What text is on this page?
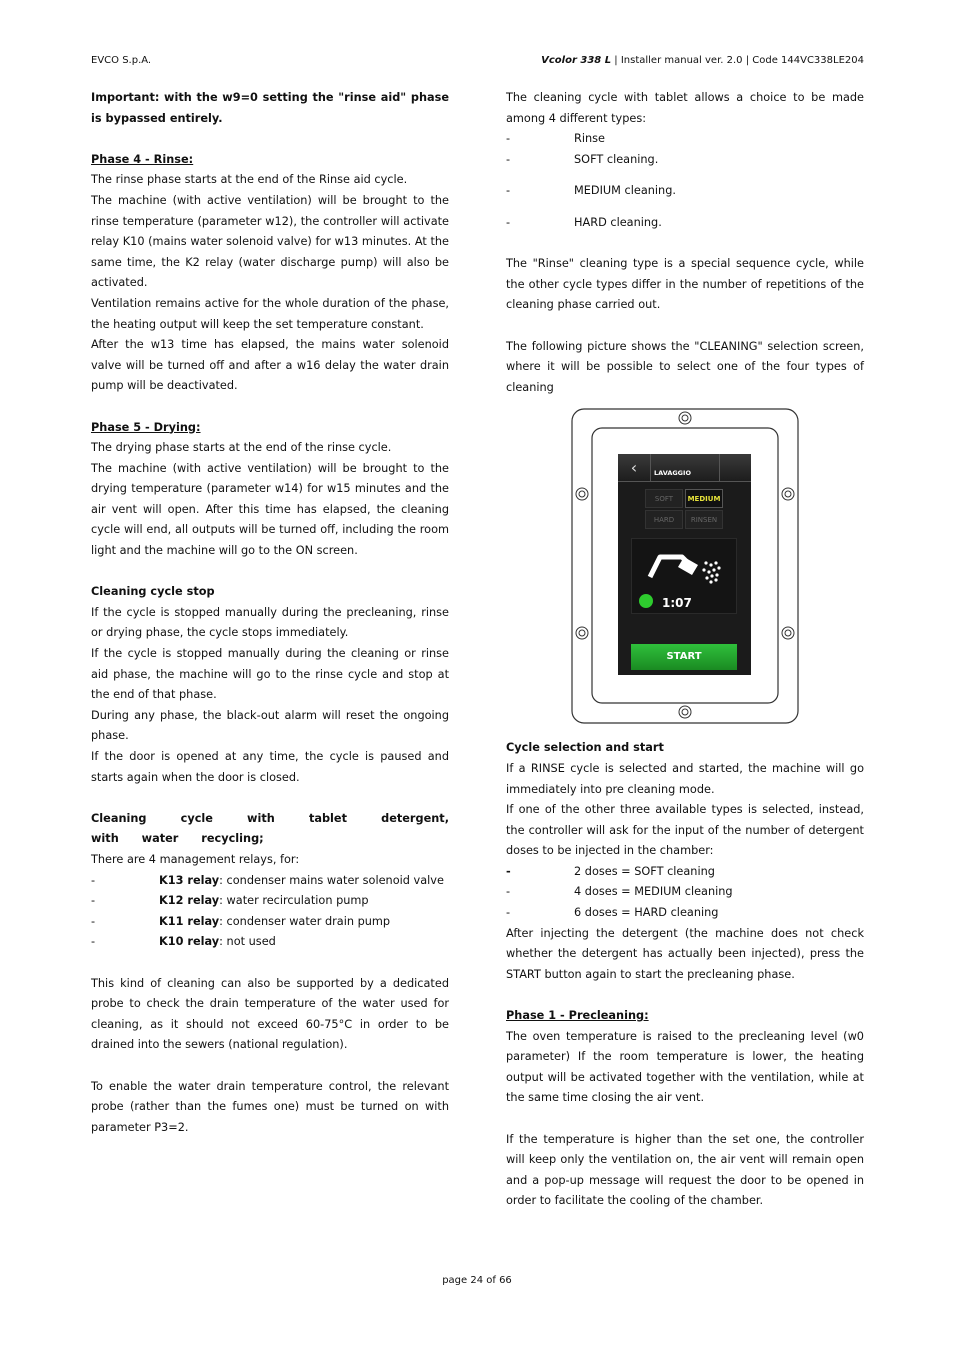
EVCO S.p.A.	Vcolor 338 L | Installer manual ver. 2.0 | Code 144VC338LE204

Important: with the w9=0 setting the "rinse aid" phase is bypassed entirely.

Phase 4 - Rinse:

The rinse phase starts at the end of the Rinse aid cycle.

The machine (with active ventilation) will be brought to the rinse temperature (parameter w12), the controller will activate relay K10 (mains water solenoid valve) for w13 minutes. At the same time, the K2 relay (water discharge pump) will also be activated.

Ventilation remains active for the whole duration of the phase, the heating output will keep the set temperature constant.

After the w13 time has elapsed, the mains water solenoid valve will be turned off and after a w16 delay the water drain pump will be deactivated.

Phase 5 - Drying:

The drying phase starts at the end of the rinse cycle.

The machine (with active ventilation) will be brought to the drying temperature (parameter w14) for w15 minutes and the air vent will open. After this time has elapsed, the cleaning cycle will end, all outputs will be turned off, including the room light and the machine will go to the ON screen.

Cleaning cycle stop

If the cycle is stopped manually during the precleaning, rinse or drying phase, the cycle stops immediately.

If the cycle is stopped manually during the cleaning or rinse aid phase, the machine will go to the rinse cycle and stop at the end of that phase.

During any phase, the black-out alarm will reset the ongoing phase.

If the door is opened at any time, the cycle is paused and starts again when the door is closed.

Cleaning cycle with tablet detergent, with water recycling;

There are 4 management relays, for:

-	K13 relay: condenser mains water solenoid valve
-	K12 relay: water recirculation pump
-	K11 relay: condenser water drain pump
-	K10 relay: not used

This kind of cleaning can also be supported by a dedicated probe to check the drain temperature of the water used for cleaning, as it should not exceed 60-75°C in order to be drained into the sewers (national regulation).

To enable the water drain temperature control, the relevant probe (rather than the fumes one) must be turned on with parameter P3=2.

The cleaning cycle with tablet allows a choice to be made among 4 different types:

-	Rinse
-	SOFT cleaning.
-	MEDIUM cleaning.
-	HARD cleaning.

The "Rinse" cleaning type is a special sequence cycle, while the other cycle types differ in the number of repetitions of the cleaning phase carried out.

The following picture shows the "CLEANING" selection screen, where it will be possible to select one of the four types of cleaning

‹	LAVAGGIO
SOFT	MEDIUM
HARD	RINSEN
1:07
START

Cycle selection and start

If a RINSE cycle is selected and started, the machine will go immediately into pre cleaning mode.

If one of the other three available types is selected, instead, the controller will ask for the input of the number of detergent doses to be injected in the chamber:

-	2 doses = SOFT cleaning
-	4 doses = MEDIUM cleaning
-	6 doses = HARD cleaning

After injecting the detergent (the machine does not check whether the detergent has actually been injected), press the START button again to start the precleaning phase.

Phase 1 - Precleaning:

The oven temperature is raised to the precleaning level (w0 parameter) If the room temperature is lower, the heating output will be activated together with the ventilation, while at the same time closing the air vent.

If the temperature is higher than the set one, the controller will keep only the ventilation on, the air vent will remain open and a pop-up message will request the door to be opened in order to facilitate the cooling of the chamber.

page 24 of 66
